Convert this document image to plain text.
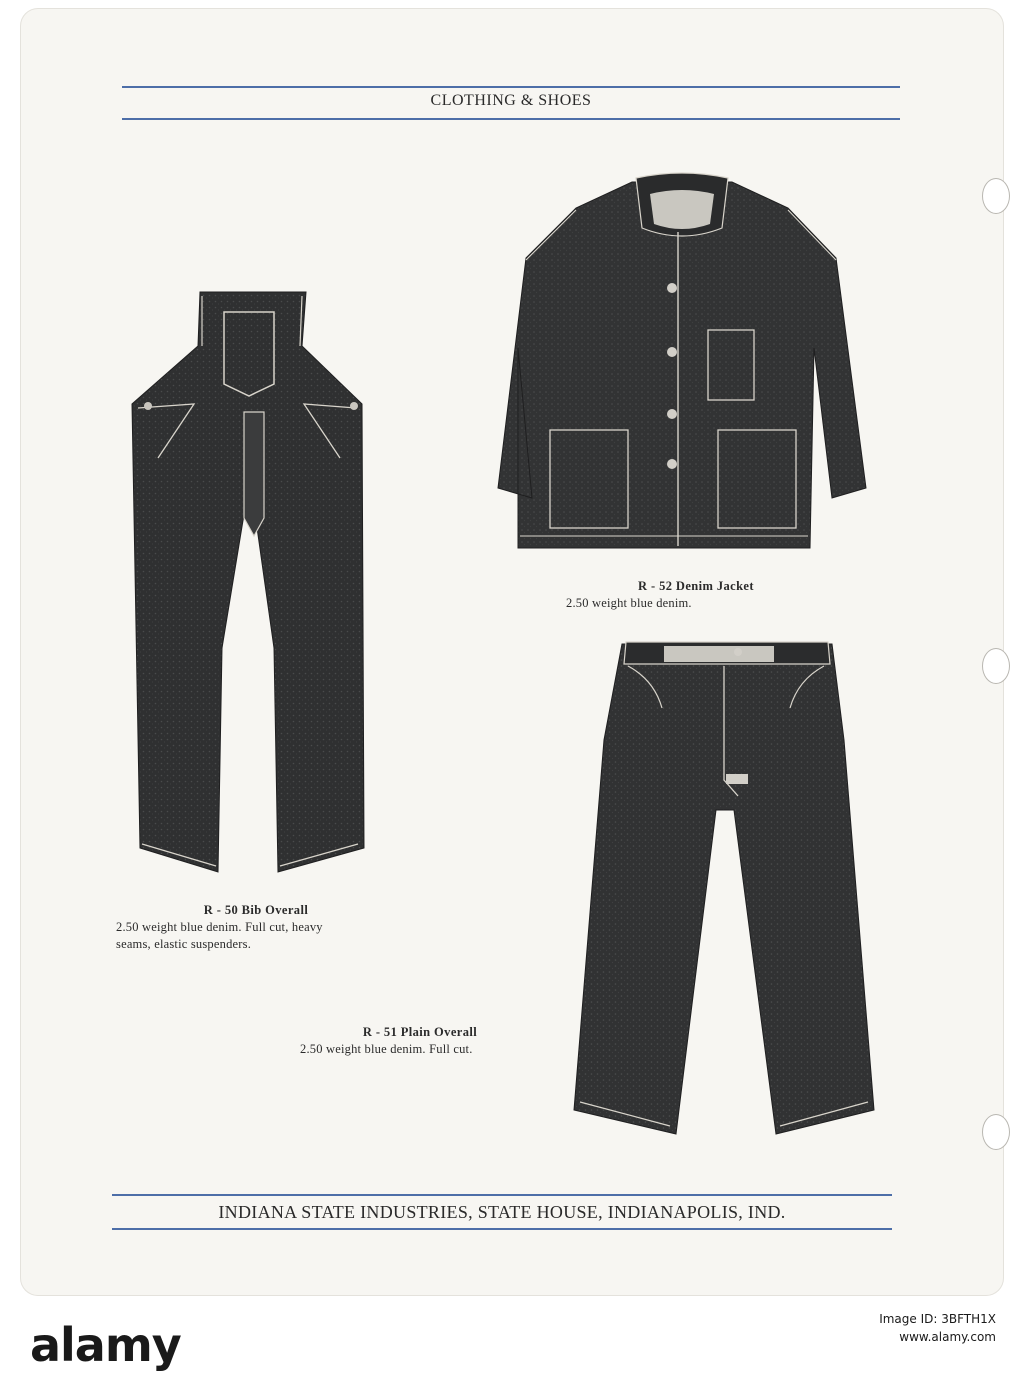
CLOTHING & SHOES
R - 50 Bib Overall
2.50 weight blue denim. Full cut, heavy
seams, elastic suspenders.
R - 52 Denim Jacket
2.50 weight blue denim.
R - 51 Plain Overall
2.50 weight blue denim. Full cut.
INDIANA STATE INDUSTRIES, STATE HOUSE, INDIANAPOLIS, IND.
alamy	Image ID: 3BFTH1X
www.alamy.com
